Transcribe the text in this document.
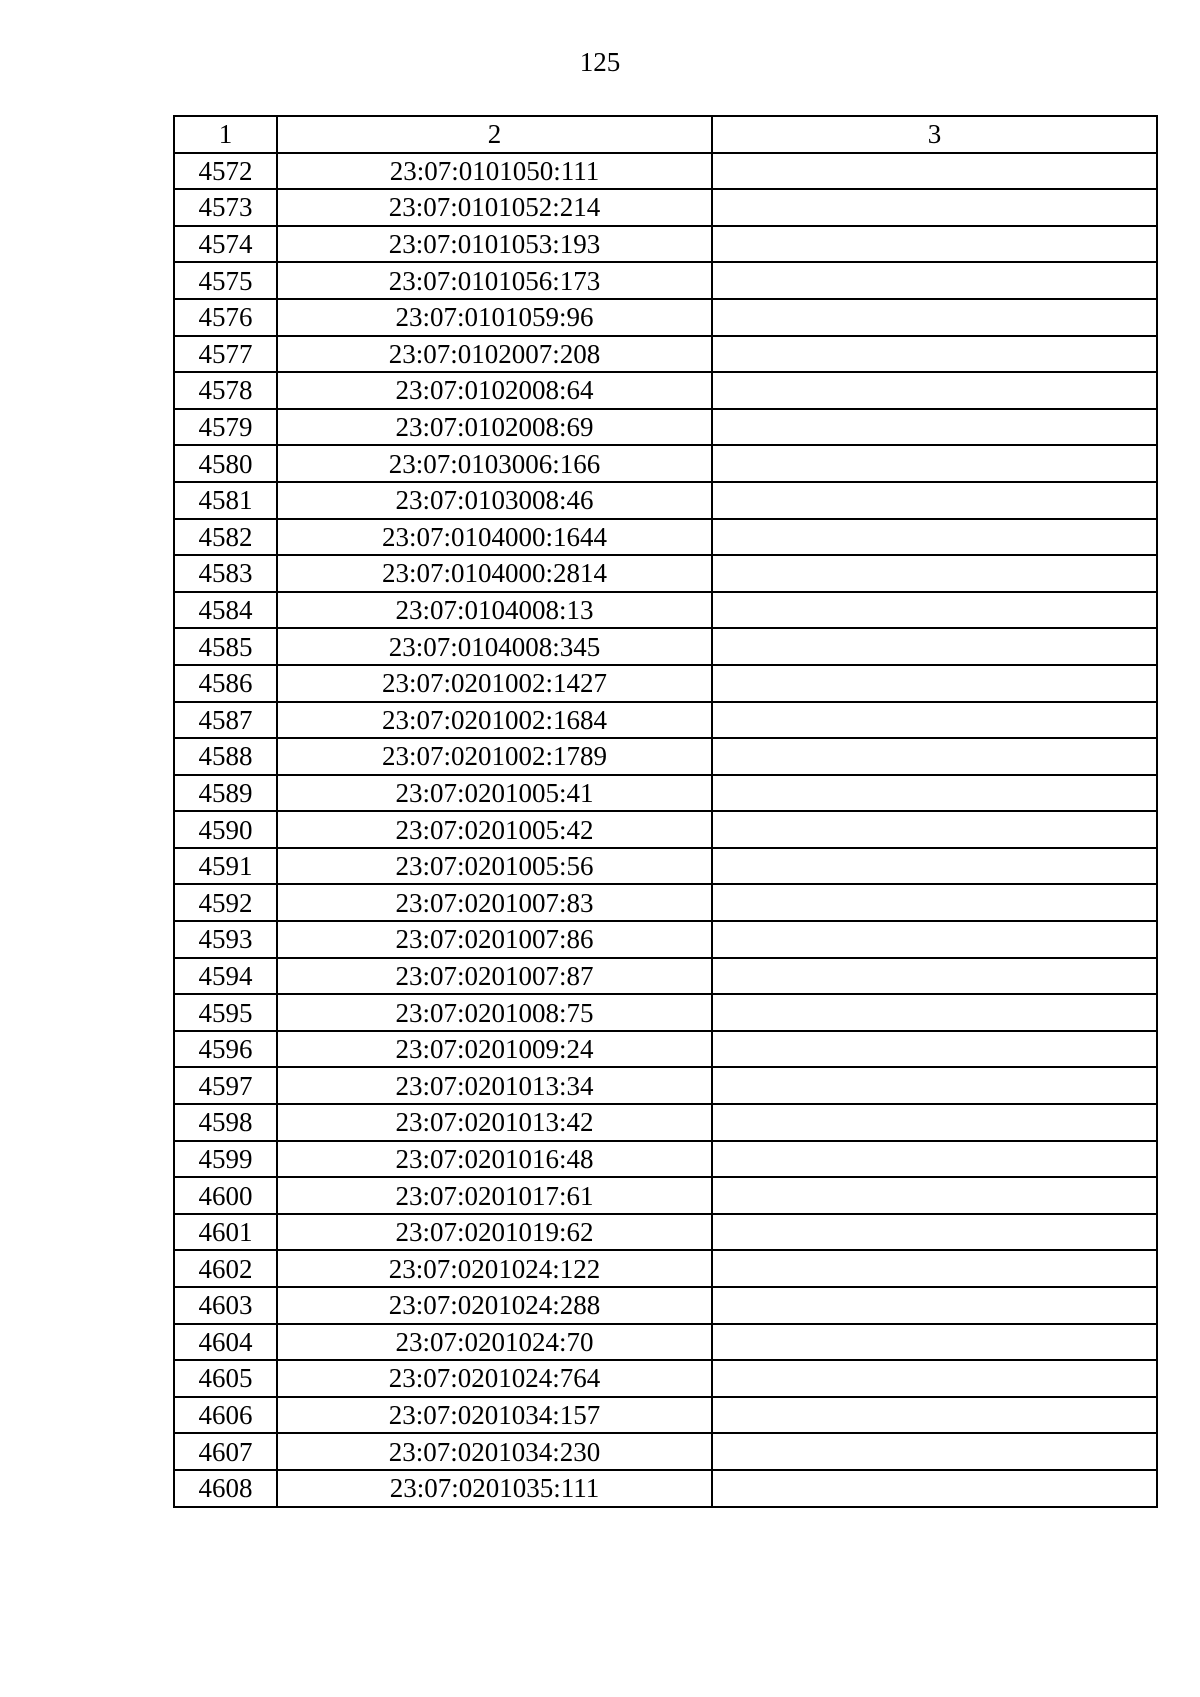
125
1	2	3
4572	23:07:0101050:111	
4573	23:07:0101052:214	
4574	23:07:0101053:193	
4575	23:07:0101056:173	
4576	23:07:0101059:96	
4577	23:07:0102007:208	
4578	23:07:0102008:64	
4579	23:07:0102008:69	
4580	23:07:0103006:166	
4581	23:07:0103008:46	
4582	23:07:0104000:1644	
4583	23:07:0104000:2814	
4584	23:07:0104008:13	
4585	23:07:0104008:345	
4586	23:07:0201002:1427	
4587	23:07:0201002:1684	
4588	23:07:0201002:1789	
4589	23:07:0201005:41	
4590	23:07:0201005:42	
4591	23:07:0201005:56	
4592	23:07:0201007:83	
4593	23:07:0201007:86	
4594	23:07:0201007:87	
4595	23:07:0201008:75	
4596	23:07:0201009:24	
4597	23:07:0201013:34	
4598	23:07:0201013:42	
4599	23:07:0201016:48	
4600	23:07:0201017:61	
4601	23:07:0201019:62	
4602	23:07:0201024:122	
4603	23:07:0201024:288	
4604	23:07:0201024:70	
4605	23:07:0201024:764	
4606	23:07:0201034:157	
4607	23:07:0201034:230	
4608	23:07:0201035:111	
